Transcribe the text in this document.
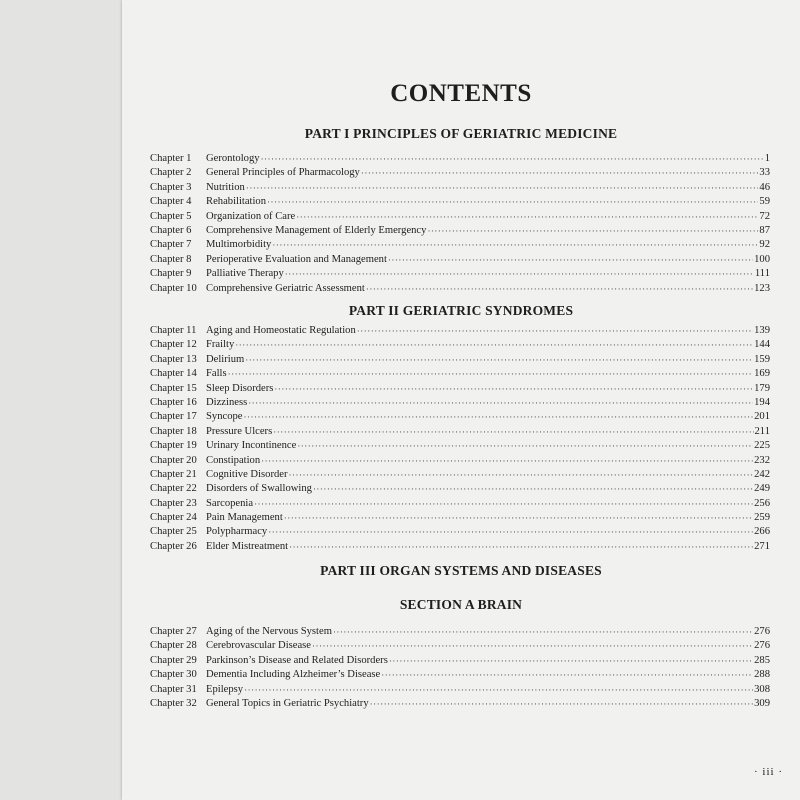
CONTENTS
PART I PRINCIPLES OF GERIATRIC MEDICINE
Chapter 1	Gerontology ·····	1
Chapter 2	General Principles of Pharmacology ·····	33
Chapter 3	Nutrition ·····	46
Chapter 4	Rehabilitation ·····	59
Chapter 5	Organization of Care ·····	72
Chapter 6	Comprehensive Management of Elderly Emergency ·····	87
Chapter 7	Multimorbidity ·····	92
Chapter 8	Perioperative Evaluation and Management ·····	100
Chapter 9	Palliative Therapy ·····	111
Chapter 10 Comprehensive Geriatric Assessment ·····	123
PART II GERIATRIC SYNDROMES
Chapter 11 Aging and Homeostatic Regulation ·····	139
Chapter 12 Frailty ·····	144
Chapter 13 Delirium ·····	159
Chapter 14 Falls ·····	169
Chapter 15 Sleep Disorders ·····	179
Chapter 16 Dizziness ·····	194
Chapter 17 Syncope ·····	201
Chapter 18 Pressure Ulcers ·····	211
Chapter 19 Urinary Incontinence ·····	225
Chapter 20 Constipation ·····	232
Chapter 21 Cognitive Disorder ·····	242
Chapter 22 Disorders of Swallowing ·····	249
Chapter 23 Sarcopenia ·····	256
Chapter 24 Pain Management ·····	259
Chapter 25 Polypharmacy ·····	266
Chapter 26 Elder Mistreatment ·····	271
PART III ORGAN SYSTEMS AND DISEASES
SECTION A BRAIN
Chapter 27 Aging of the Nervous System ·····	276
Chapter 28 Cerebrovascular Disease ·····	276
Chapter 29 Parkinson’s Disease and Related Disorders ·····	285
Chapter 30 Dementia Including Alzheimer’s Disease ·····	288
Chapter 31 Epilepsy ·····	308
Chapter 32 General Topics in Geriatric Psychiatry ·····	309
· iii ·
